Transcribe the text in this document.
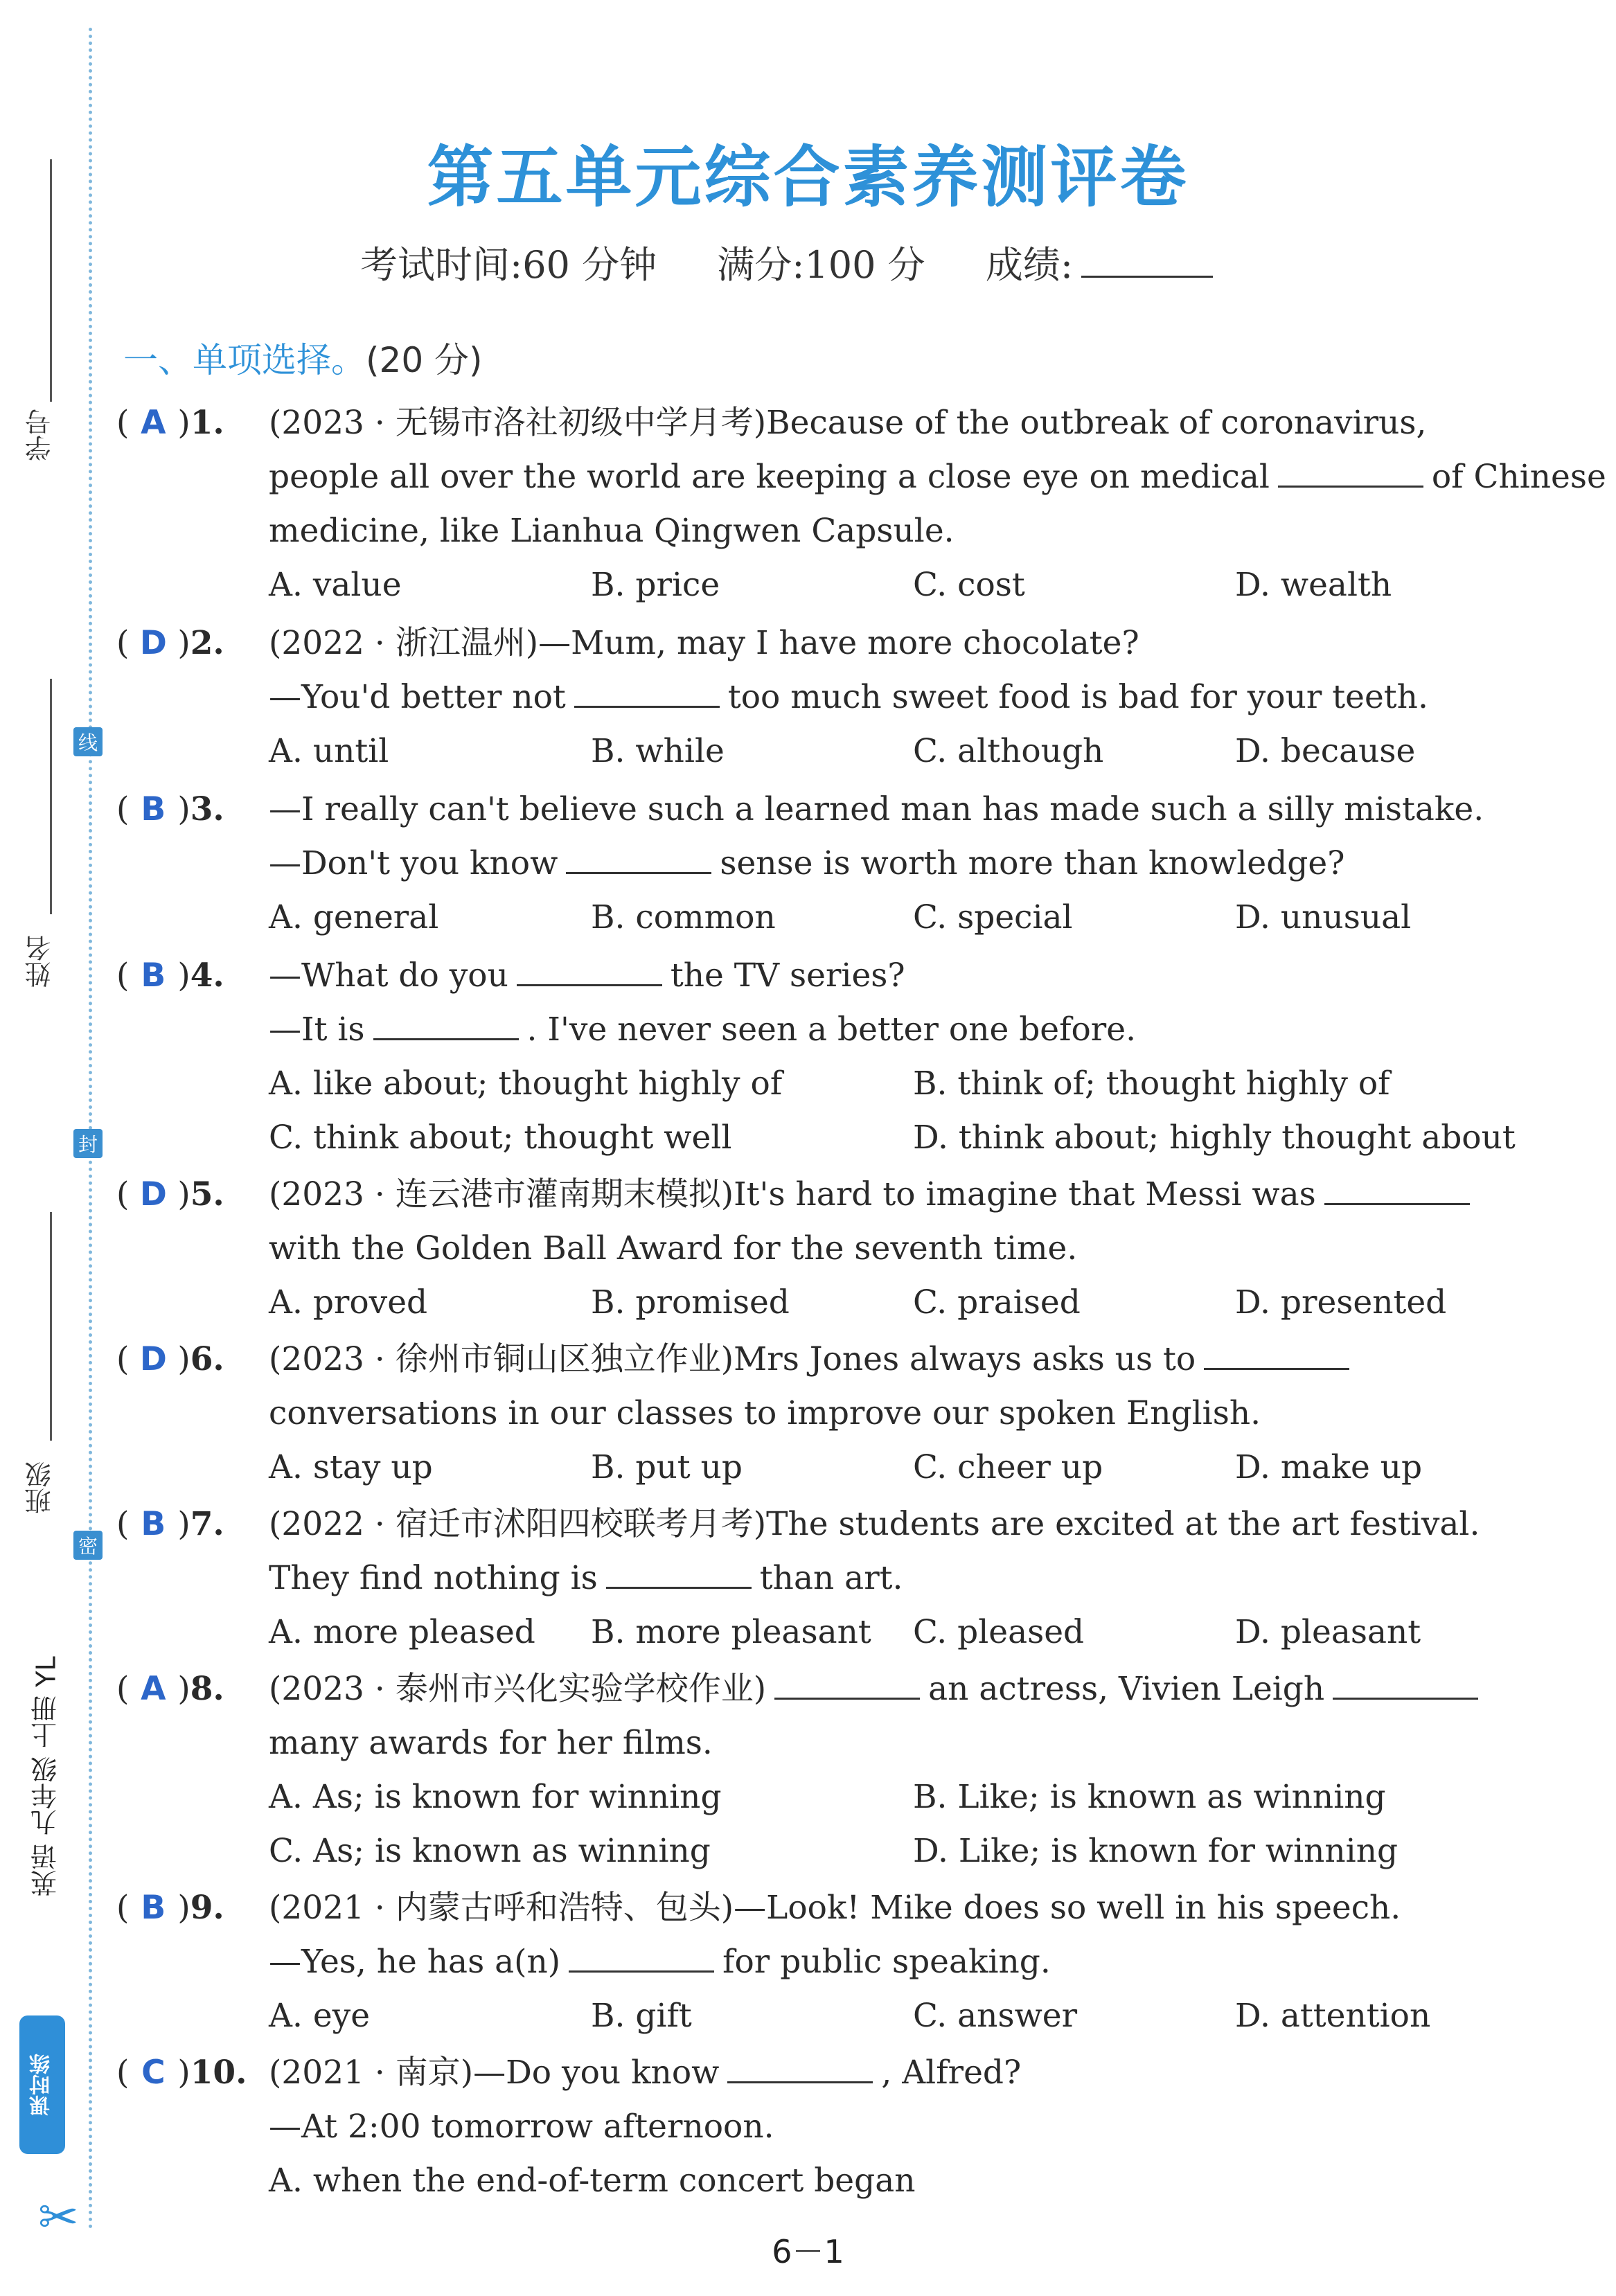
学号
线
姓名
封
班级
密
英语 九年级 上册 YL
课时练
✂
第五单元综合素养测评卷
考试时间:60 分钟 满分:100 分 成绩:
一、单项选择。(20 分)
( A )1.	(2023 · 无锡市洛社初级中学月考)Because of the outbreak of coronavirus,
people all over the world are keeping a close eye on medical	of Chinese
medicine, like Lianhua Qingwen Capsule.
A. value	B. price	C. cost	D. wealth
( D )2.	(2022 · 浙江温州)—Mum, may I have more chocolate?
—You'd better not	too much sweet food is bad for your teeth.
A. until	B. while	C. although	D. because
( B )3.	—I really can't believe such a learned man has made such a silly mistake.
—Don't you know	sense is worth more than knowledge?
A. general	B. common	C. special	D. unusual
( B )4.	—What do you	the TV series?
—It is	. I've never seen a better one before.
A. like about; thought highly of	B. think of; thought highly of
C. think about; thought well	D. think about; highly thought about
( D )5.	(2023 · 连云港市灌南期末模拟)It's hard to imagine that Messi was
with the Golden Ball Award for the seventh time.
A. proved	B. promised	C. praised	D. presented
( D )6.	(2023 · 徐州市铜山区独立作业)Mrs Jones always asks us to
conversations in our classes to improve our spoken English.
A. stay up	B. put up	C. cheer up	D. make up
( B )7.	(2022 · 宿迁市沭阳四校联考月考)The students are excited at the art festival.
They find nothing is	than art.
A. more pleased	B. more pleasant	C. pleased	D. pleasant
( A )8.	(2023 · 泰州市兴化实验学校作业)	an actress, Vivien Leigh
many awards for her films.
A. As; is known for winning	B. Like; is known as winning
C. As; is known as winning	D. Like; is known for winning
( B )9.	(2021 · 内蒙古呼和浩特、包头)—Look! Mike does so well in his speech.
—Yes, he has a(n)	for public speaking.
A. eye	B. gift	C. answer	D. attention
( C )10. (2021 · 南京)—Do you know	, Alfred?
—At 2:00 tomorrow afternoon.
A. when the end-of-term concert began
6－1
